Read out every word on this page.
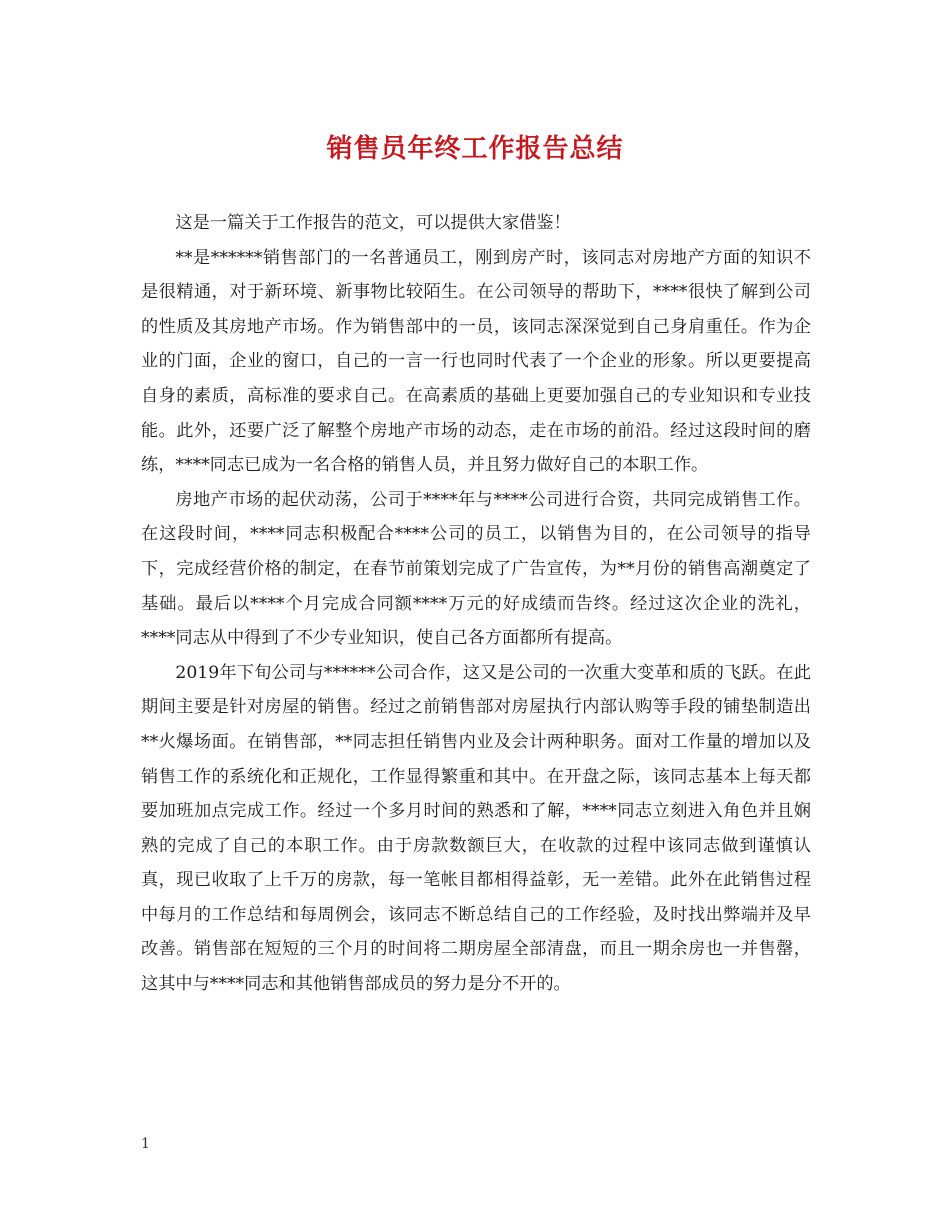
销售员年终工作报告总结

这是一篇关于工作报告的范文，可以提供大家借鉴！

**是******销售部门的一名普通员工，刚到房产时，该同志对房地产方面的知识不是很精通，对于新环境、新事物比较陌生。在公司领导的帮助下，****很快了解到公司的性质及其房地产市场。作为销售部中的一员，该同志深深觉到自己身肩重任。作为企业的门面，企业的窗口，自己的一言一行也同时代表了一个企业的形象。所以更要提高自身的素质，高标准的要求自己。在高素质的基础上更要加强自己的专业知识和专业技能。此外，还要广泛了解整个房地产市场的动态，走在市场的前沿。经过这段时间的磨练，****同志已成为一名合格的销售人员，并且努力做好自己的本职工作。

房地产市场的起伏动荡，公司于****年与****公司进行合资，共同完成销售工作。在这段时间，****同志积极配合****公司的员工，以销售为目的，在公司领导的指导下，完成经营价格的制定，在春节前策划完成了广告宣传，为**月份的销售高潮奠定了基础。最后以****个月完成合同额****万元的好成绩而告终。经过这次企业的洗礼，****同志从中得到了不少专业知识，使自己各方面都所有提高。

2019年下旬公司与******公司合作，这又是公司的一次重大变革和质的飞跃。在此期间主要是针对房屋的销售。经过之前销售部对房屋执行内部认购等手段的铺垫制造出**火爆场面。在销售部，**同志担任销售内业及会计两种职务。面对工作量的增加以及销售工作的系统化和正规化，工作显得繁重和其中。在开盘之际，该同志基本上每天都要加班加点完成工作。经过一个多月时间的熟悉和了解，****同志立刻进入角色并且娴熟的完成了自己的本职工作。由于房款数额巨大，在收款的过程中该同志做到谨慎认真，现已收取了上千万的房款，每一笔帐目都相得益彰，无一差错。此外在此销售过程中每月的工作总结和每周例会，该同志不断总结自己的工作经验，及时找出弊端并及早改善。销售部在短短的三个月的时间将二期房屋全部清盘，而且一期余房也一并售罄，这其中与****同志和其他销售部成员的努力是分不开的。

1
